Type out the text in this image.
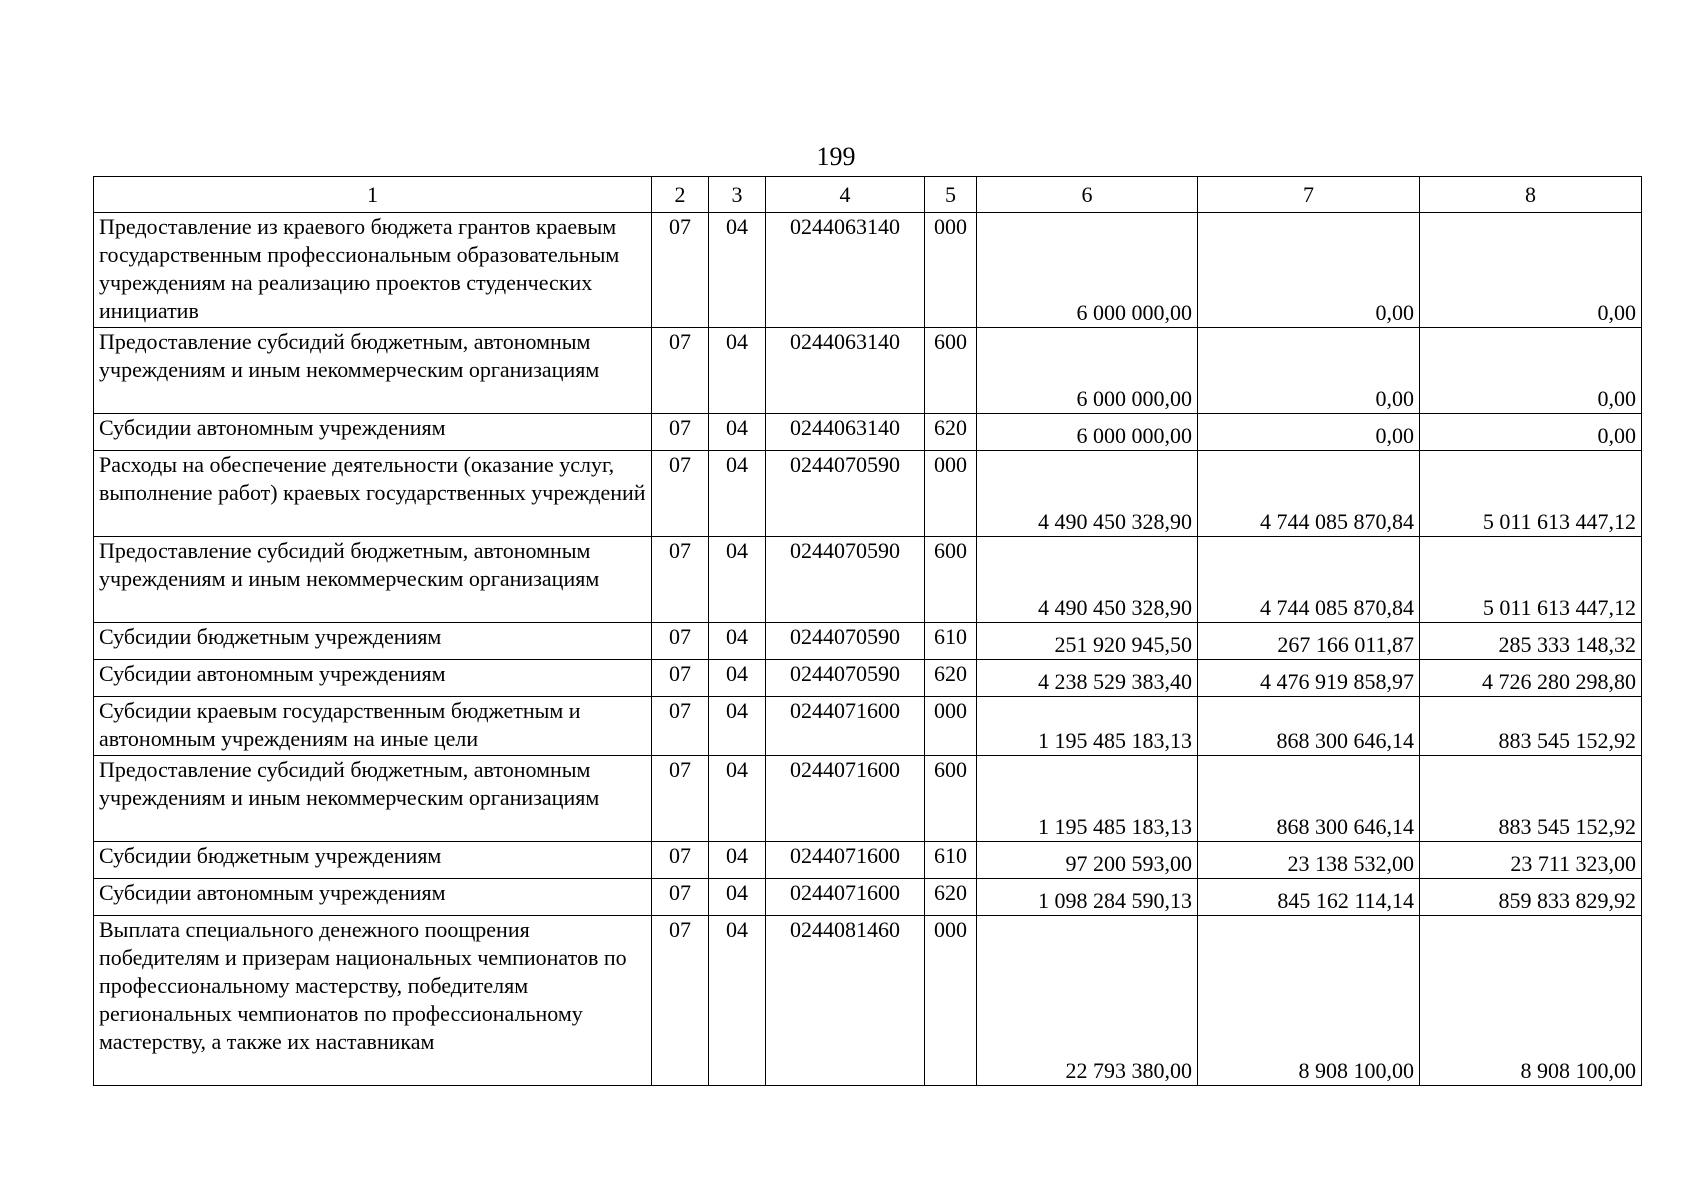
199
1	2	3	4	5	6	7	8
Предоставление из краевого бюджета грантов краевым государственным профессиональным образовательным учреждениям на реализацию проектов студенческих инициатив	07	04	0244063140	000	6 000 000,00	0,00	0,00
Предоставление субсидий бюджетным, автономным учреждениям и иным некоммерческим организациям	07	04	0244063140	600	6 000 000,00	0,00	0,00
Субсидии автономным учреждениям	07	04	0244063140	620	6 000 000,00	0,00	0,00
Расходы на обеспечение деятельности (оказание услуг, выполнение работ) краевых государственных учреждений	07	04	0244070590	000	4 490 450 328,90	4 744 085 870,84	5 011 613 447,12
Предоставление субсидий бюджетным, автономным учреждениям и иным некоммерческим организациям	07	04	0244070590	600	4 490 450 328,90	4 744 085 870,84	5 011 613 447,12
Субсидии бюджетным учреждениям	07	04	0244070590	610	251 920 945,50	267 166 011,87	285 333 148,32
Субсидии автономным учреждениям	07	04	0244070590	620	4 238 529 383,40	4 476 919 858,97	4 726 280 298,80
Субсидии краевым государственным бюджетным и автономным учреждениям на иные цели	07	04	0244071600	000	1 195 485 183,13	868 300 646,14	883 545 152,92
Предоставление субсидий бюджетным, автономным учреждениям и иным некоммерческим организациям	07	04	0244071600	600	1 195 485 183,13	868 300 646,14	883 545 152,92
Субсидии бюджетным учреждениям	07	04	0244071600	610	97 200 593,00	23 138 532,00	23 711 323,00
Субсидии автономным учреждениям	07	04	0244071600	620	1 098 284 590,13	845 162 114,14	859 833 829,92
Выплата специального денежного поощрения победителям и призерам национальных чемпионатов по профессиональному мастерству, победителям региональных чемпионатов по профессиональному мастерству, а также их наставникам	07	04	0244081460	000	22 793 380,00	8 908 100,00	8 908 100,00
